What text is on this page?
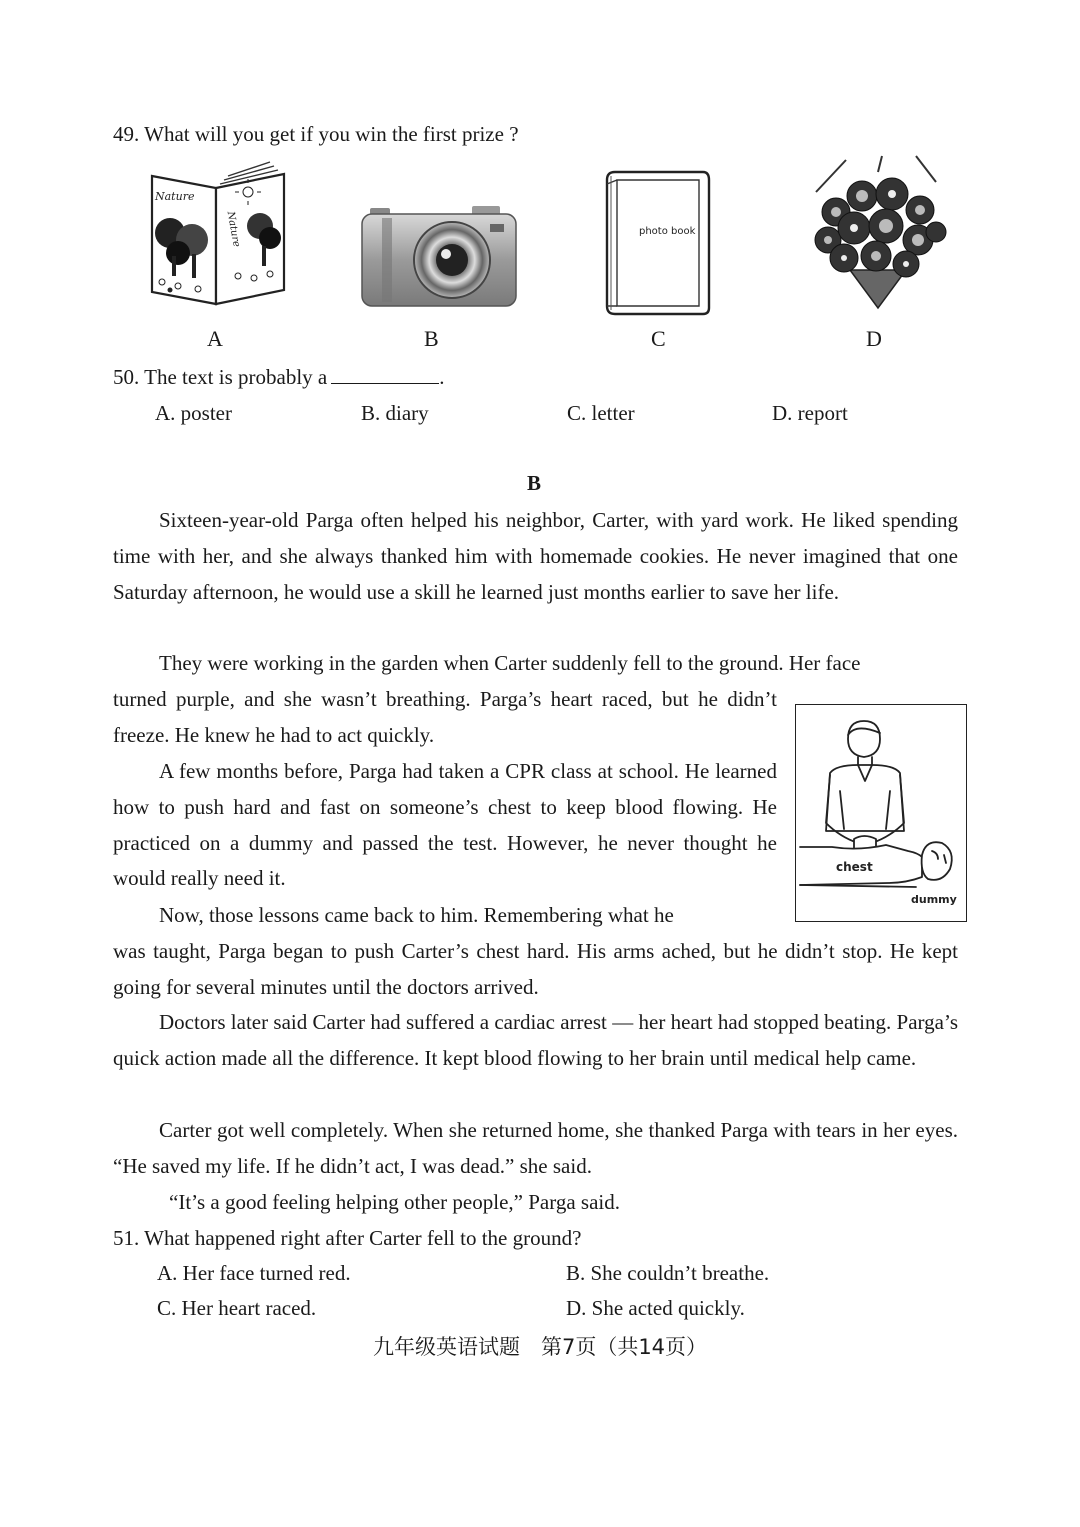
49. What will you get if you win the first prize ?
Nature
Nature	photo book
A	B	C	D
50. The text is probably a	.
A. poster	B. diary	C. letter	D. report
B
Sixteen-year-old Parga often helped his neighbor, Carter, with yard work. He liked spending time with her, and she always thanked him with homemade cookies. He never imagined that one Saturday afternoon, he would use a skill he learned just months earlier to save her life.
They were working in the garden when Carter suddenly fell to the ground. Her face
turned purple, and she wasn’t breathing. Parga’s heart raced, but he didn’t freeze. He knew he had to act quickly.
A few months before, Parga had taken a CPR class at school. He learned how to push hard and fast on someone’s chest to keep blood flowing. He practiced on a dummy and passed the test. However, he never thought he would really need it.
Now, those lessons came back to him. Remembering what he
was taught, Parga began to push Carter’s chest hard. His arms ached, but he didn’t stop. He kept going for several minutes until the doctors arrived.
Doctors later said Carter had suffered a cardiac arrest — her heart had stopped beating. Parga’s quick action made all the difference. It kept blood flowing to her brain until medical help came.
Carter got well completely. When she returned home, she thanked Parga with tears in her eyes. “He saved my life. If he didn’t act, I was dead.” she said.
“It’s a good feeling helping other people,” Parga said.
chest
dummy
51. What happened right after Carter fell to the ground?
A. Her face turned red.	B. She couldn’t breathe.
C. Her heart raced.	D. She acted quickly.
九年级英语试题　第7页（共14页）
